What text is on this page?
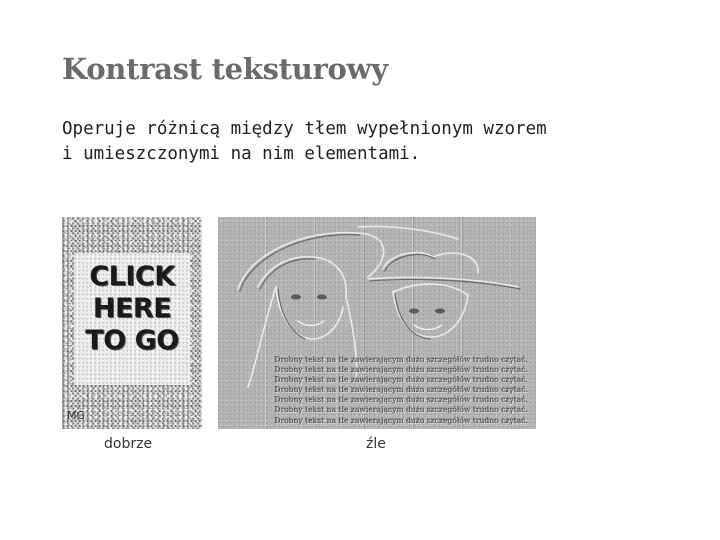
Kontrast teksturowy
Operuje różnicą między tłem wypełnionym wzorem
i umieszczonymi na nim elementami.
CLICK
HERE
TO GO
MG
Drobny tekst na tle zawierającym dużo szczegółów trudno czytać.
Drobny tekst na tle zawierającym dużo szczegółów trudno czytać.
Drobny tekst na tle zawierającym dużo szczegółów trudno czytać.
Drobny tekst na tle zawierającym dużo szczegółów trudno czytać.
Drobny tekst na tle zawierającym dużo szczegółów trudno czytać.
Drobny tekst na tle zawierającym dużo szczegółów trudno czytać.
Drobny tekst na tle zawierającym dużo szczegółów trudno czytać.
dobrze	źle
